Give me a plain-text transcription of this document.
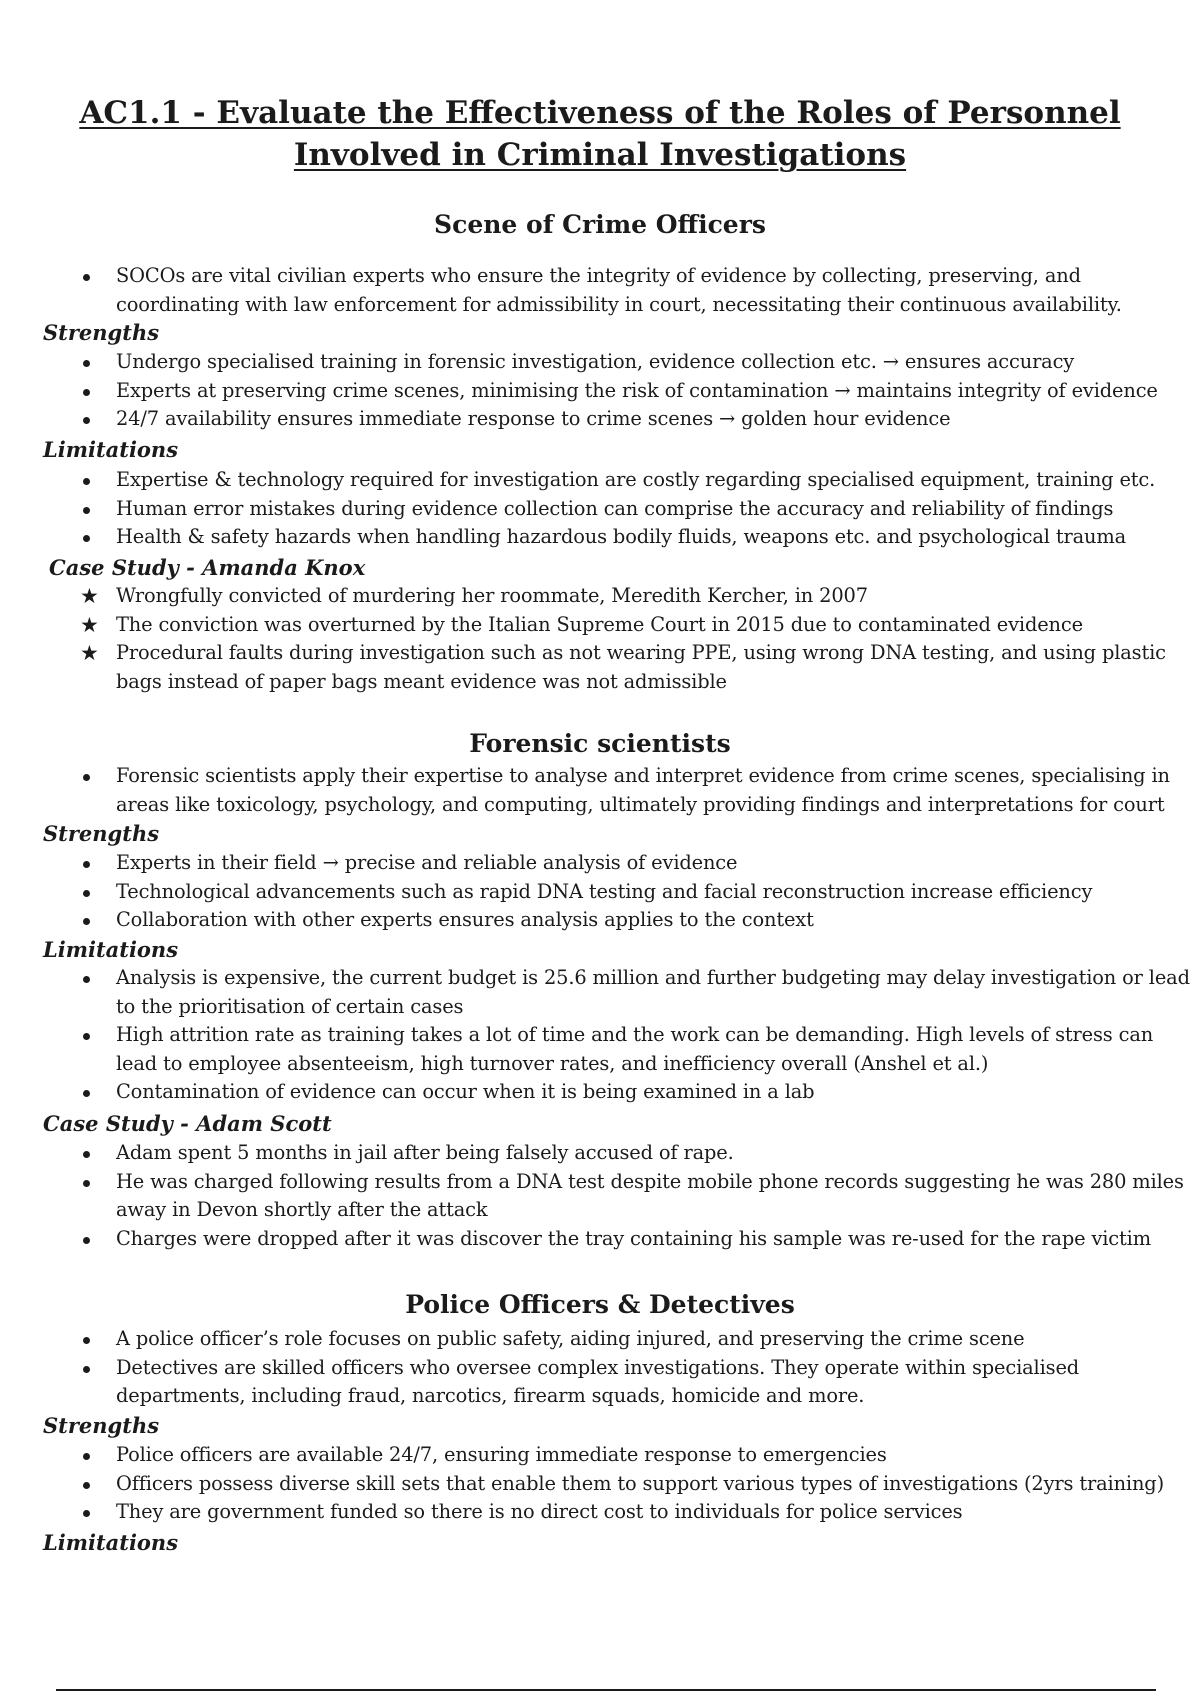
AC1.1 - Evaluate the Effectiveness of the Roles of Personnel Involved in Criminal Investigations
Scene of Crime Officers
SOCOs are vital civilian experts who ensure the integrity of evidence by collecting, preserving, and
coordinating with law enforcement for admissibility in court, necessitating their continuous availability.
Strengths
Undergo specialised training in forensic investigation, evidence collection etc. → ensures accuracy
Experts at preserving crime scenes, minimising the risk of contamination → maintains integrity of evidence
24/7 availability ensures immediate response to crime scenes → golden hour evidence
Limitations
Expertise & technology required for investigation are costly regarding specialised equipment, training etc.
Human error mistakes during evidence collection can comprise the accuracy and reliability of findings
Health & safety hazards when handling hazardous bodily fluids, weapons etc. and psychological trauma
Case Study - Amanda Knox
★ Wrongfully convicted of murdering her roommate, Meredith Kercher, in 2007
★ The conviction was overturned by the Italian Supreme Court in 2015 due to contaminated evidence
★ Procedural faults during investigation such as not wearing PPE, using wrong DNA testing, and using plastic
bags instead of paper bags meant evidence was not admissible
Forensic scientists
Forensic scientists apply their expertise to analyse and interpret evidence from crime scenes, specialising in
areas like toxicology, psychology, and computing, ultimately providing findings and interpretations for court
Strengths
Experts in their field → precise and reliable analysis of evidence
Technological advancements such as rapid DNA testing and facial reconstruction increase efficiency
Collaboration with other experts ensures analysis applies to the context
Limitations
Analysis is expensive, the current budget is 25.6 million and further budgeting may delay investigation or lead
to the prioritisation of certain cases
High attrition rate as training takes a lot of time and the work can be demanding. High levels of stress can
lead to employee absenteeism, high turnover rates, and inefficiency overall (Anshel et al.)
Contamination of evidence can occur when it is being examined in a lab
Case Study - Adam Scott
Adam spent 5 months in jail after being falsely accused of rape.
He was charged following results from a DNA test despite mobile phone records suggesting he was 280 miles
away in Devon shortly after the attack
Charges were dropped after it was discover the tray containing his sample was re-used for the rape victim
Police Officers & Detectives
A police officer’s role focuses on public safety, aiding injured, and preserving the crime scene
Detectives are skilled officers who oversee complex investigations. They operate within specialised
departments, including fraud, narcotics, firearm squads, homicide and more.
Strengths
Police officers are available 24/7, ensuring immediate response to emergencies
Officers possess diverse skill sets that enable them to support various types of investigations (2yrs training)
They are government funded so there is no direct cost to individuals for police services
Limitations
